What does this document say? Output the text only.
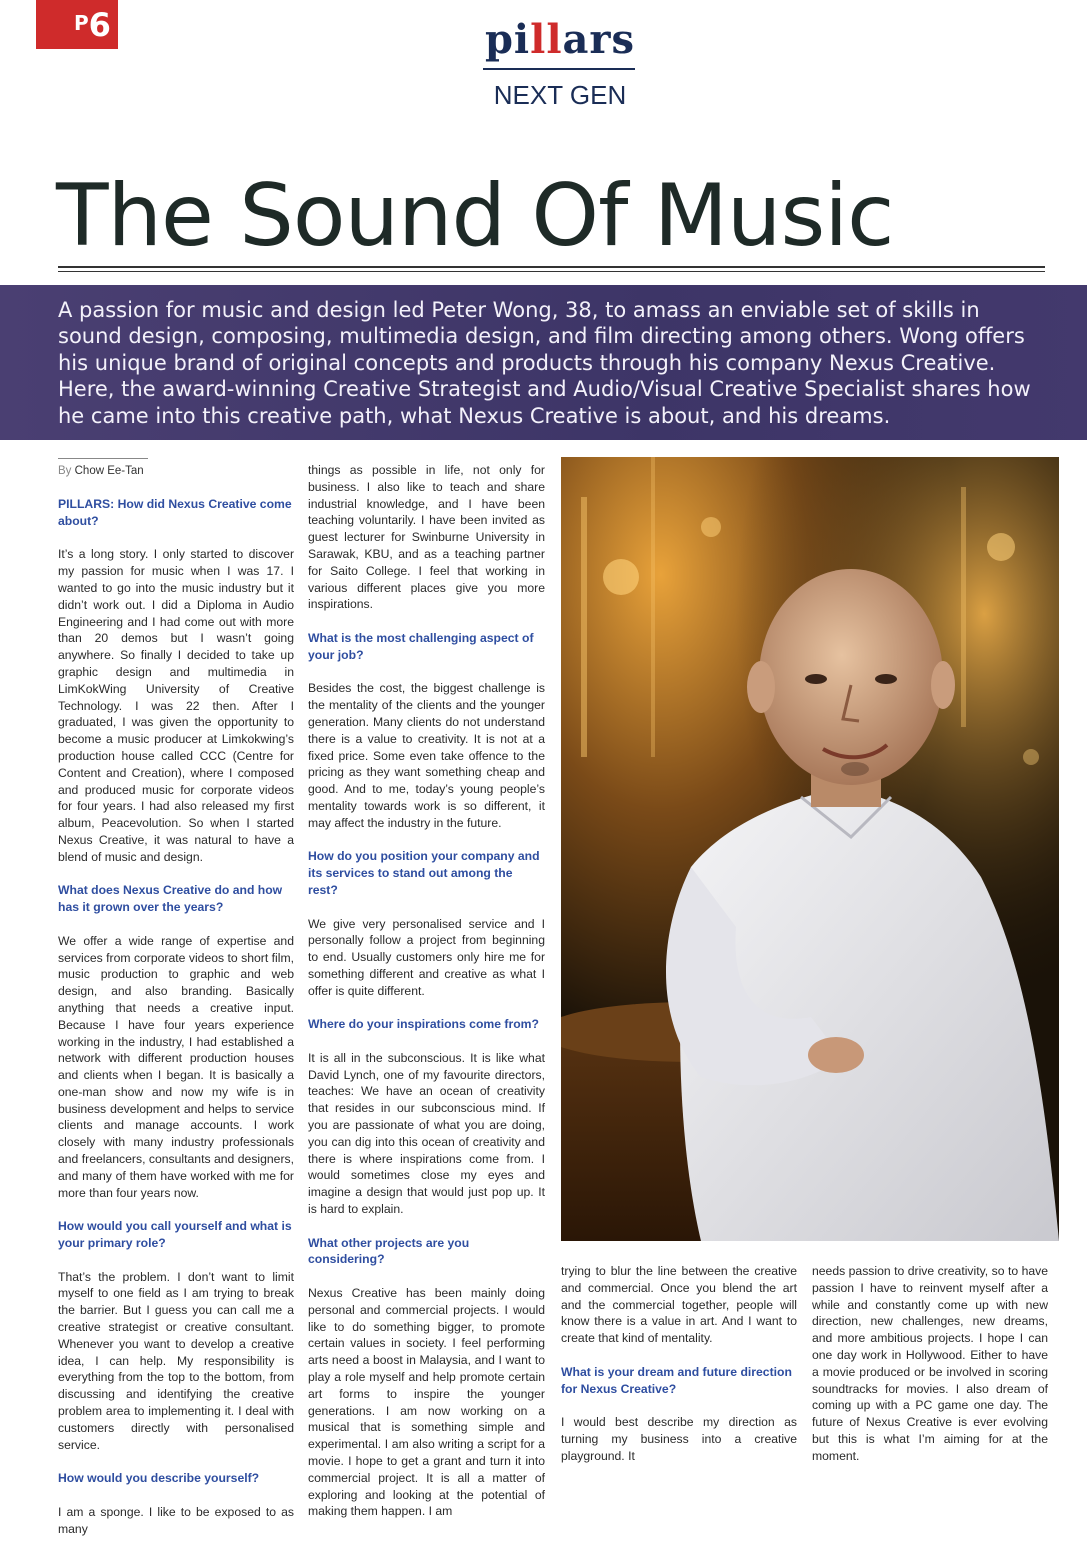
P6	pillars
NEXT GEN
The Sound Of Music

A passion for music and design led Peter Wong, 38, to amass an enviable set of skills in sound design, composing, multimedia design, and film directing among others. Wong offers his unique brand of original concepts and products through his company Nexus Creative. Here, the award-winning Creative Strategist and Audio/Visual Creative Specialist shares how he came into this creative path, what Nexus Creative is about, and his dreams.

By Chow Ee-Tan

PILLARS: How did Nexus Creative come about?

It’s a long story. I only started to discover my passion for music when I was 17. I wanted to go into the music industry but it didn’t work out. I did a Diploma in Audio Engineering and I had come out with more than 20 demos but I wasn’t going anywhere. So finally I decided to take up graphic design and multimedia in LimKokWing University of Creative Technology. I was 22 then. After I graduated, I was given the opportunity to become a music producer at Limkokwing’s production house called CCC (Centre for Content and Creation), where I composed and produced music for corporate videos for four years. I had also released my first album, Peacevolution. So when I started Nexus Creative, it was natural to have a blend of music and design.

What does Nexus Creative do and how has it grown over the years?

We offer a wide range of expertise and services from corporate videos to short film, music production to graphic and web design, and also branding. Basically anything that needs a creative input. Because I have four years experience working in the industry, I had established a network with different production houses and clients when I began. It is basically a one-man show and now my wife is in business development and helps to service clients and manage accounts. I work closely with many industry professionals and freelancers, consultants and designers, and many of them have worked with me for more than four years now.

How would you call yourself and what is your primary role?

That’s the problem. I don’t want to limit myself to one field as I am trying to break the barrier. But I guess you can call me a creative strategist or creative consultant. Whenever you want to develop a creative idea, I can help. My responsibility is everything from the top to the bottom, from discussing and identifying the creative problem area to implementing it. I deal with customers directly with personalised service.

How would you describe yourself?

I am a sponge. I like to be exposed to as many

things as possible in life, not only for business. I also like to teach and share industrial knowledge, and I have been teaching voluntarily. I have been invited as guest lecturer for Swinburne University in Sarawak, KBU, and as a teaching partner for Saito College. I feel that working in various different places give you more inspirations.

What is the most challenging aspect of your job?

Besides the cost, the biggest challenge is the mentality of the clients and the younger generation. Many clients do not understand there is a value to creativity. It is not at a fixed price. Some even take offence to the pricing as they want something cheap and good. And to me, today’s young people’s mentality towards work is so different, it may affect the industry in the future.

How do you position your company and its services to stand out among the rest?

We give very personalised service and I personally follow a project from beginning to end. Usually customers only hire me for something different and creative as what I offer is quite different.

Where do your inspirations come from?

It is all in the subconscious. It is like what David Lynch, one of my favourite directors, teaches: We have an ocean of creativity that resides in our subconscious mind. If you are passionate of what you are doing, you can dig into this ocean of creativity and there is where inspirations come from. I would sometimes close my eyes and imagine a design that would just pop up. It is hard to explain.

What other projects are you considering?

Nexus Creative has been mainly doing personal and commercial projects. I would like to do something bigger, to promote certain values in society. I feel performing arts need a boost in Malaysia, and I want to play a role myself and help promote certain art forms to inspire the younger generations. I am now working on a musical that is something simple and experimental. I am also writing a script for a movie. I hope to get a grant and turn it into commercial project. It is all a matter of exploring and looking at the potential of making them happen. I am

trying to blur the line between the creative and commercial. Once you blend the art and the commercial together, people will know there is a value in art. And I want to create that kind of mentality.

What is your dream and future direction for Nexus Creative?

I would best describe my direction as turning my business into a creative playground. It

needs passion to drive creativity, so to have passion I have to reinvent myself after a while and constantly come up with new direction, new challenges, new dreams, and more ambitious projects. I hope I can one day work in Hollywood. Either to have a movie produced or be involved in scoring soundtracks for movies. I also dream of coming up with a PC game one day. The future of Nexus Creative is ever evolving but this is what I’m aiming for at the moment.
